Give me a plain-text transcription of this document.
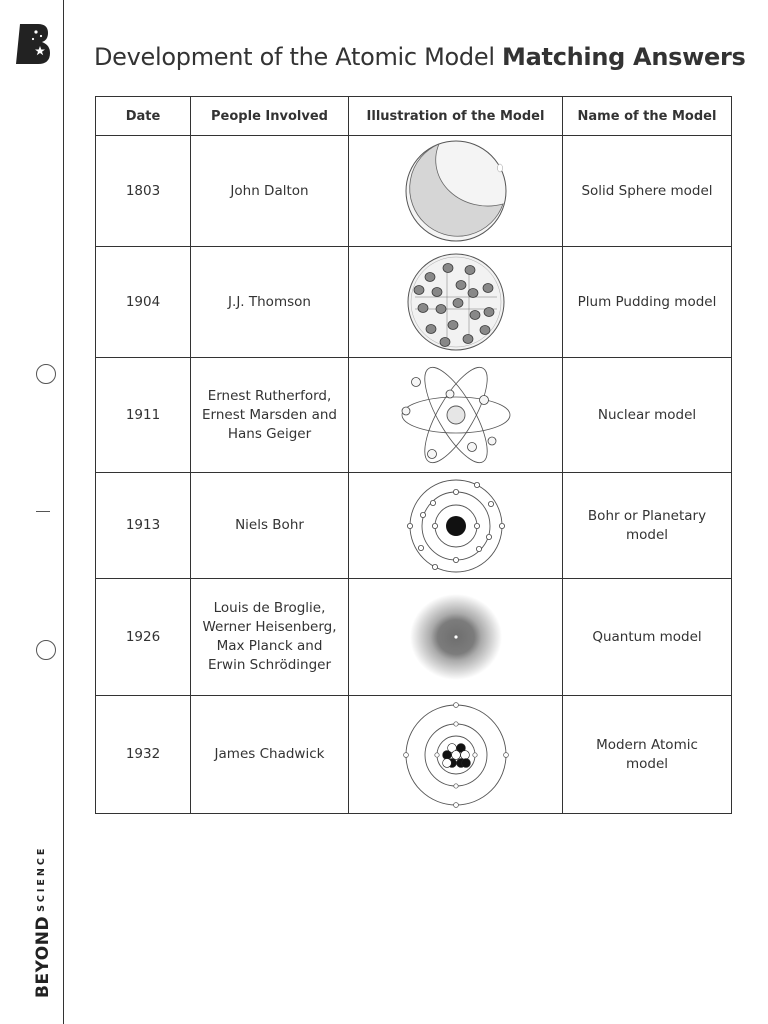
$BEYOND^{SCIENCE}$
Development of the Atomic Model Matching Answers
Date	People Involved	Illustration of the Model	Name of the Model
1803	John Dalton		Solid Sphere model
1904	J.J. Thomson		Plum Pudding model
1911	Ernest Rutherford,
Ernest Marsden and
Hans Geiger		Nuclear model
1913	Niels Bohr		Bohr or Planetary
model
1926	Louis de Broglie,
Werner Heisenberg,
Max Planck and
Erwin Schrödinger		Quantum model
1932	James Chadwick		Modern Atomic
model
